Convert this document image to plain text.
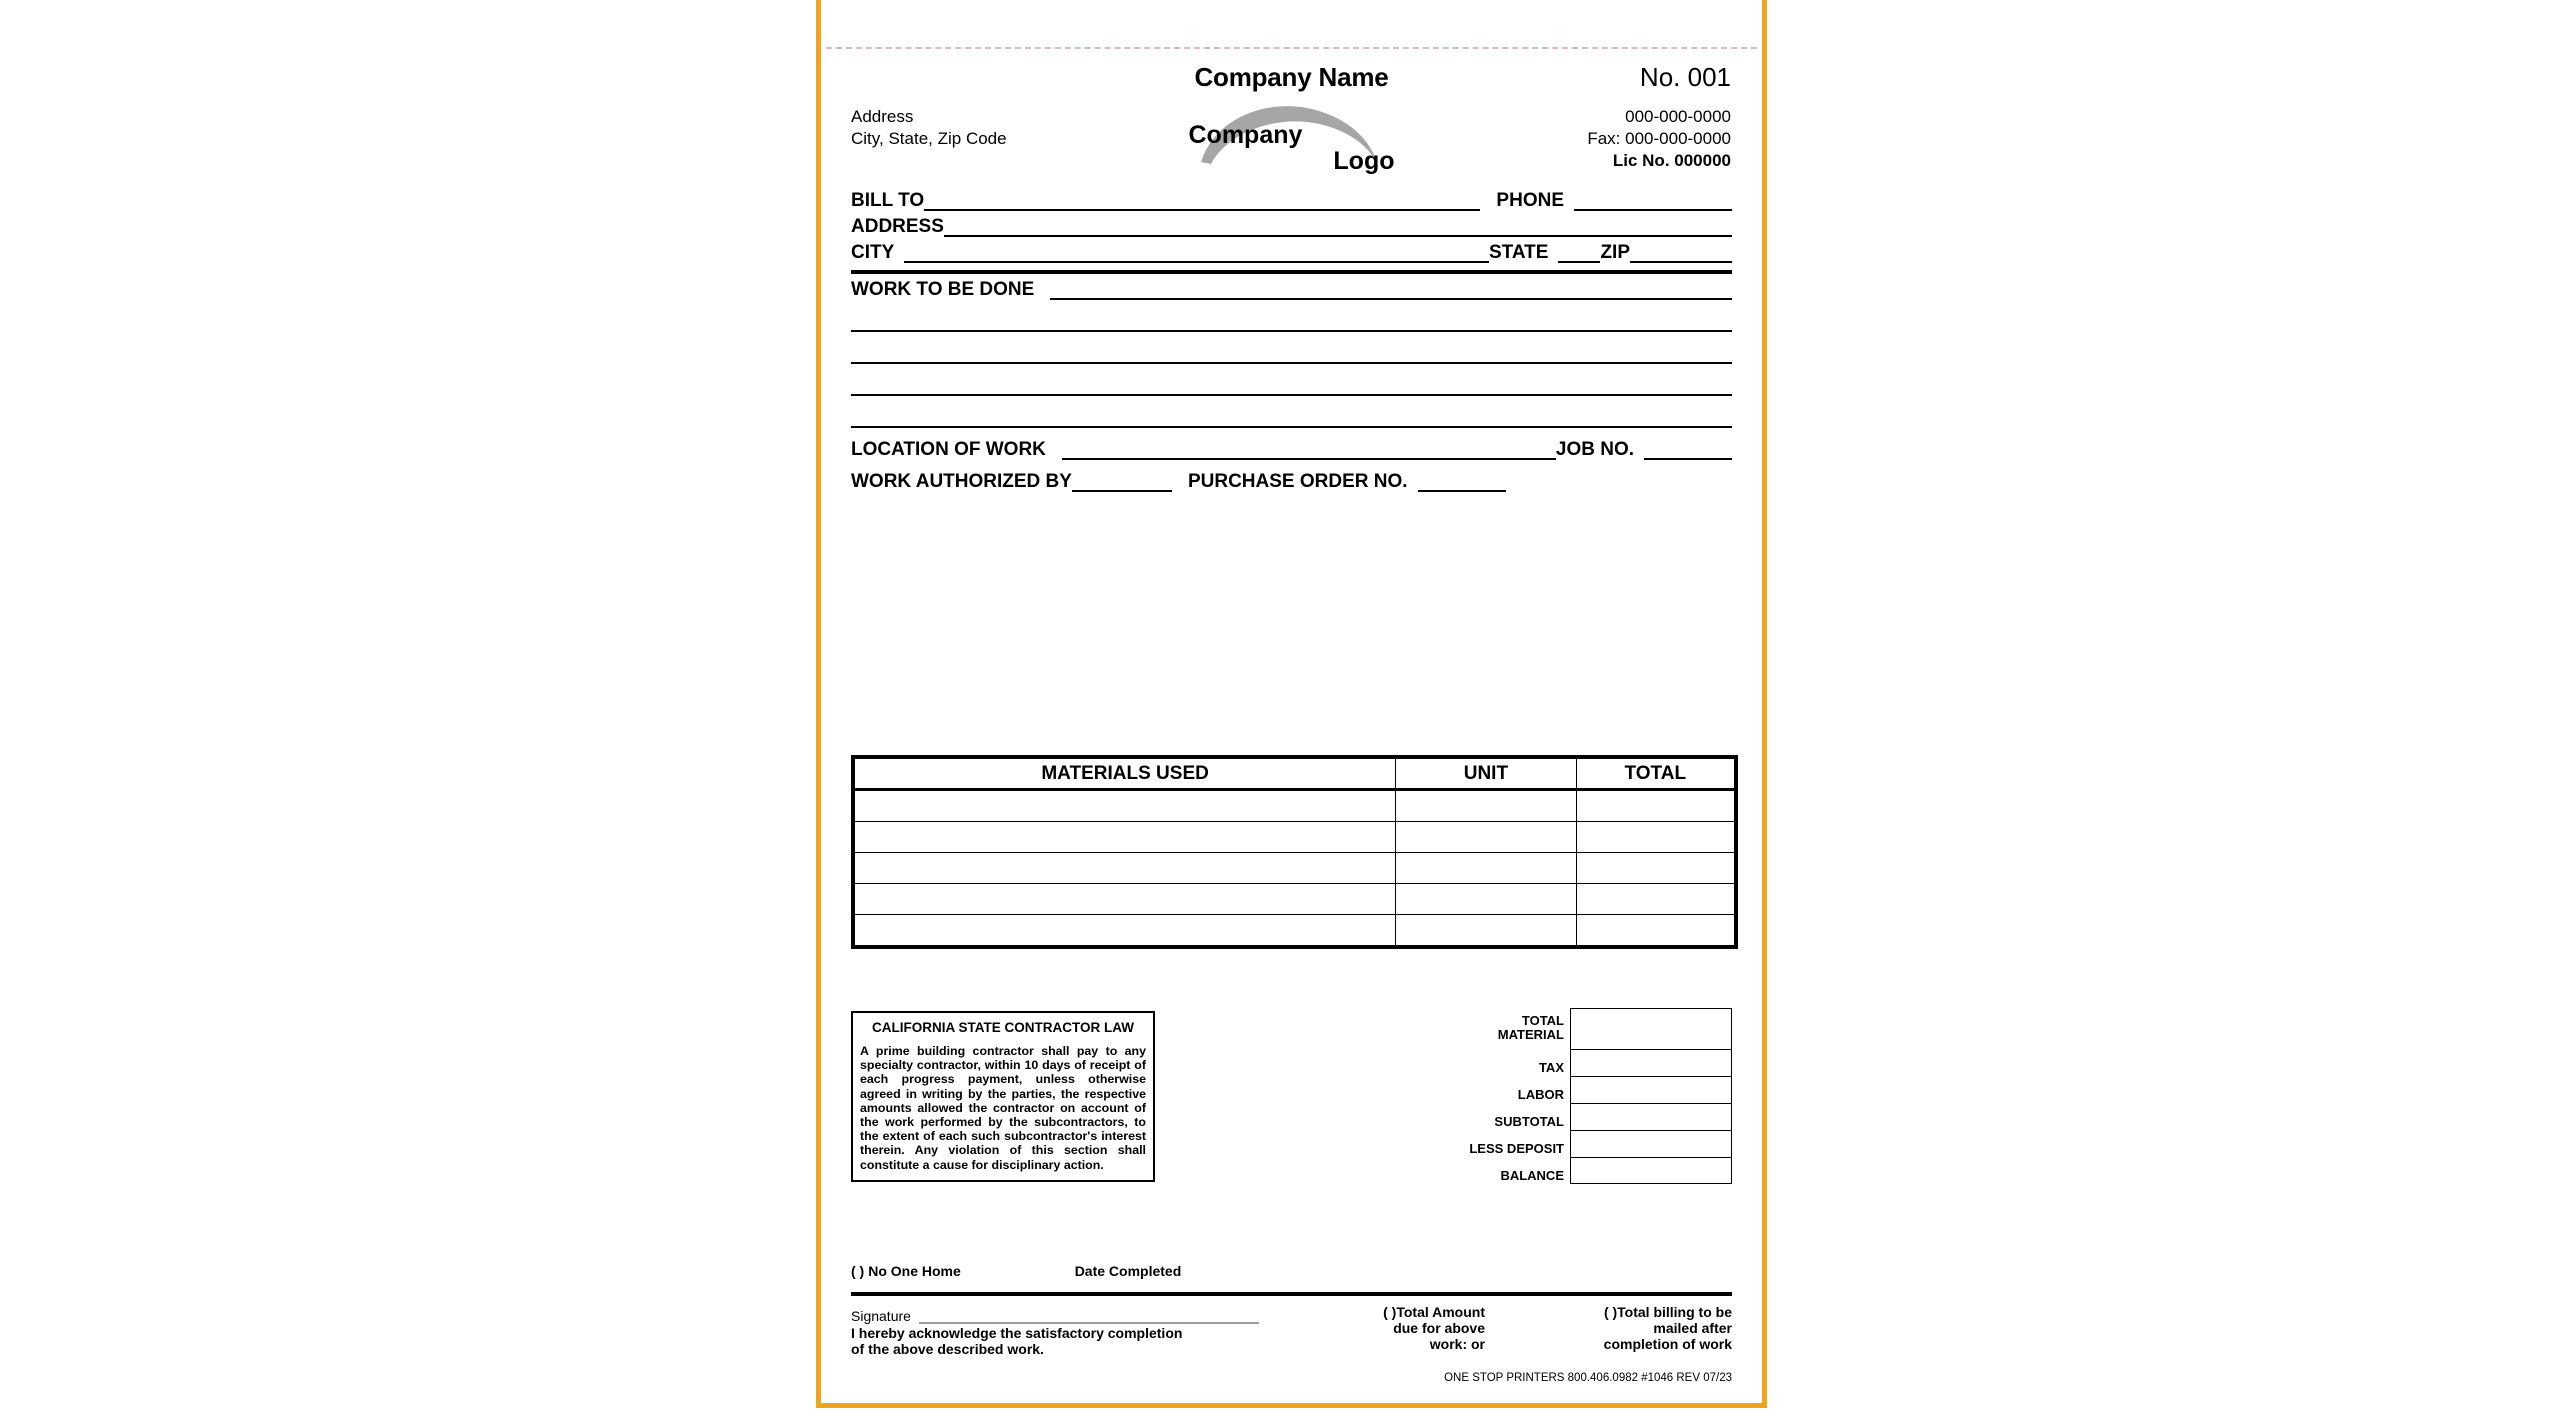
Company Name	No. 001
Address
City, State, Zip Code
000-000-0000
Fax: 000-000-0000
Lic No. 000000
Company
Logo
BILL TO	PHONE
ADDRESS
CITY	STATE	ZIP
WORK TO BE DONE
LOCATION OF WORK	JOB NO.
WORK AUTHORIZED BY	PURCHASE ORDER NO.
MATERIALS USED	UNIT	TOTAL

CALIFORNIA STATE CONTRACTOR LAW
A prime building contractor shall pay to any specialty contractor, within 10 days of receipt of each progress payment, unless otherwise agreed in writing by the parties, the respective amounts allowed the contractor on account of the work performed by the subcontractors, to the extent of each such subcontractor's interest therein. Any violation of this section shall constitute a cause for disciplinary action.
TOTAL
MATERIAL
TAX
LABOR
SUBTOTAL
LESS DEPOSIT
BALANCE
( ) No One Home	Date Completed
Signature
I hereby acknowledge the satisfactory completion
of the above described work.
( )Total Amount
due for above
work: or
( )Total billing to be
mailed after
completion of work
ONE STOP PRINTERS 800.406.0982 #1046 REV 07/23
